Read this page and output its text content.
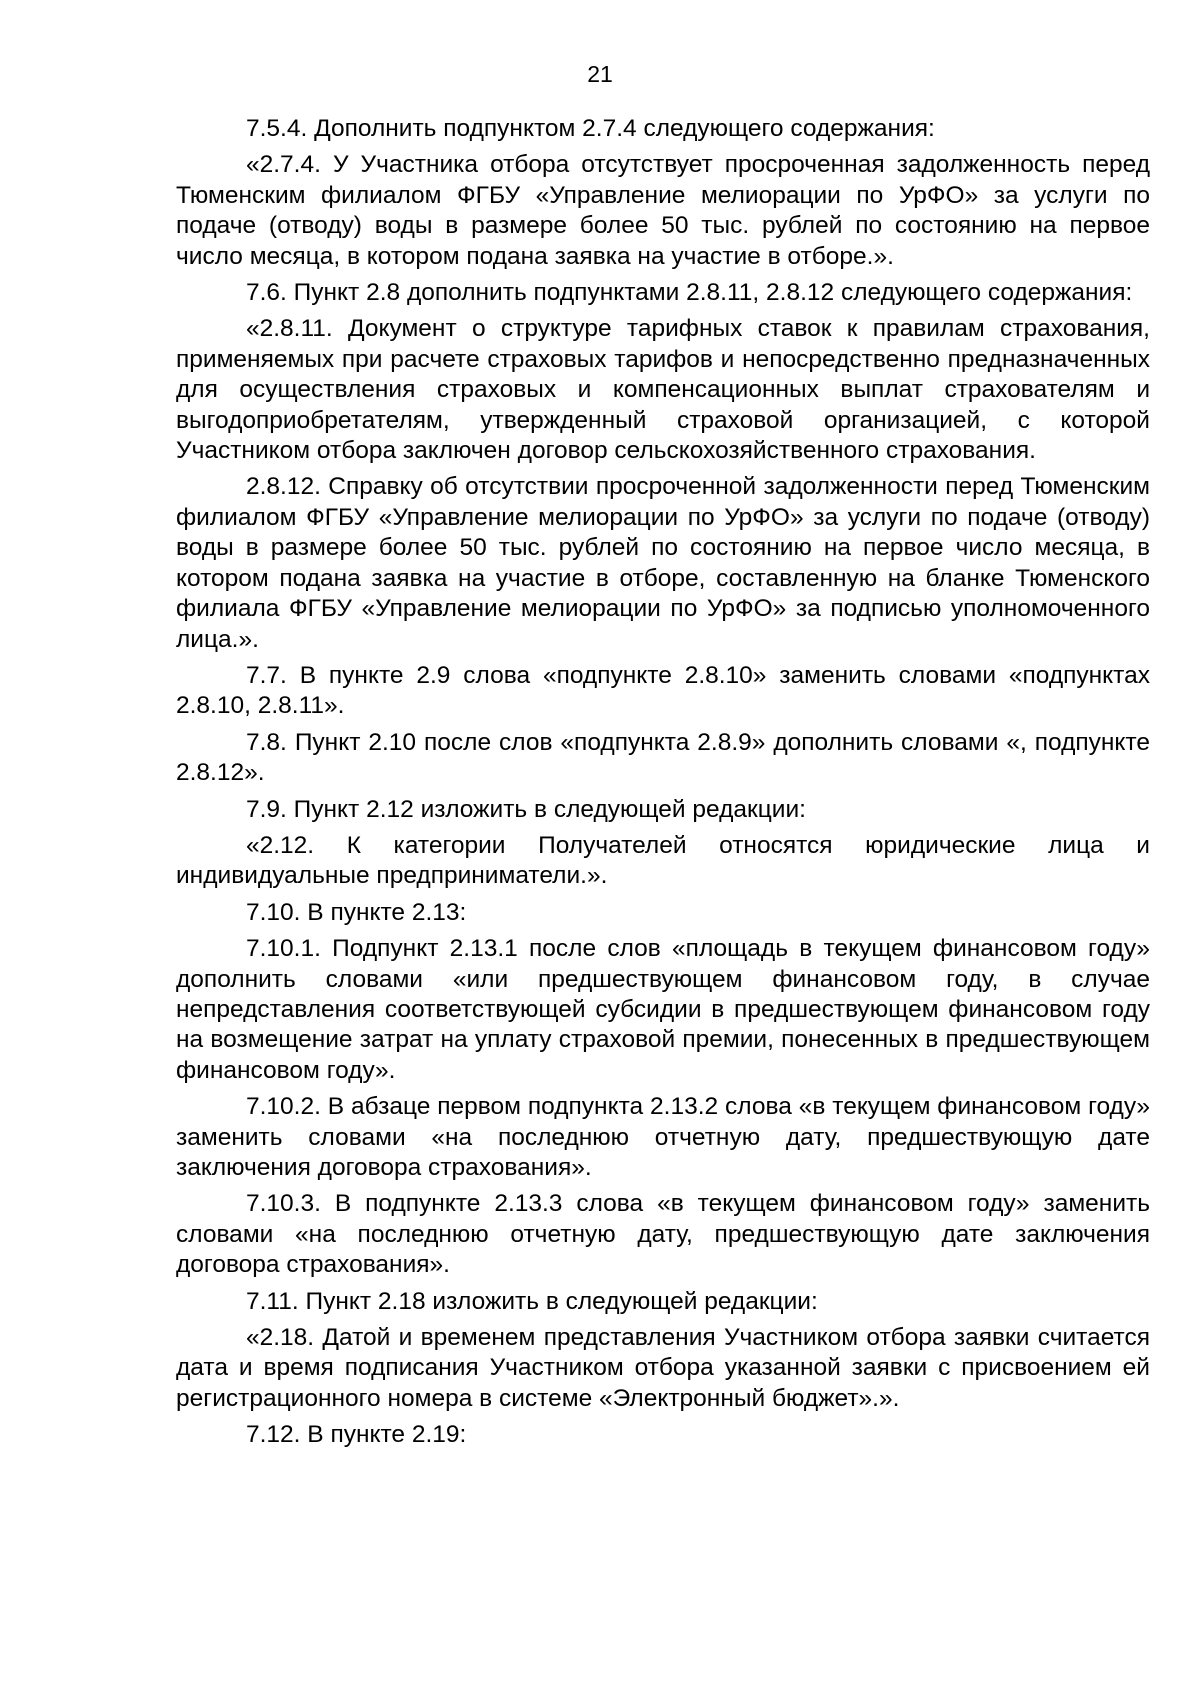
21

7.5.4. Дополнить подпунктом 2.7.4 следующего содержания:

«2.7.4. У Участника отбора отсутствует просроченная задолженность перед Тюменским филиалом ФГБУ «Управление мелиорации по УрФО» за услуги по подаче (отводу) воды в размере более 50 тыс. рублей по состоянию на первое число месяца, в котором подана заявка на участие в отборе.».

7.6. Пункт 2.8 дополнить подпунктами 2.8.11, 2.8.12 следующего содержания:

«2.8.11. Документ о структуре тарифных ставок к правилам страхования, применяемых при расчете страховых тарифов и непосредственно предназначенных для осуществления страховых и компенсационных выплат страхователям и выгодоприобретателям, утвержденный страховой организацией, с которой Участником отбора заключен договор сельскохозяйственного страхования.

2.8.12. Справку об отсутствии просроченной задолженности перед Тюменским филиалом ФГБУ «Управление мелиорации по УрФО» за услуги по подаче (отводу) воды в размере более 50 тыс. рублей по состоянию на первое число месяца, в котором подана заявка на участие в отборе, составленную на бланке Тюменского филиала ФГБУ «Управление мелиорации по УрФО» за подписью уполномоченного лица.».

7.7. В пункте 2.9 слова «подпункте 2.8.10» заменить словами «подпунктах 2.8.10, 2.8.11».

7.8. Пункт 2.10 после слов «подпункта 2.8.9» дополнить словами «, подпункте 2.8.12».

7.9. Пункт 2.12 изложить в следующей редакции:

«2.12. К категории Получателей относятся юридические лица и индивидуальные предприниматели.».

7.10. В пункте 2.13:

7.10.1. Подпункт 2.13.1 после слов «площадь в текущем финансовом году» дополнить словами «или предшествующем финансовом году, в случае непредставления соответствующей субсидии в предшествующем финансовом году на возмещение затрат на уплату страховой премии, понесенных в предшествующем финансовом году».

7.10.2. В абзаце первом подпункта 2.13.2 слова «в текущем финансовом году» заменить словами «на последнюю отчетную дату, предшествующую дате заключения договора страхования».

7.10.3. В подпункте 2.13.3 слова «в текущем финансовом году» заменить словами «на последнюю отчетную дату, предшествующую дате заключения договора страхования».

7.11. Пункт 2.18 изложить в следующей редакции:

«2.18. Датой и временем представления Участником отбора заявки считается дата и время подписания Участником отбора указанной заявки с присвоением ей регистрационного номера в системе «Электронный бюджет».».

7.12. В пункте 2.19:
